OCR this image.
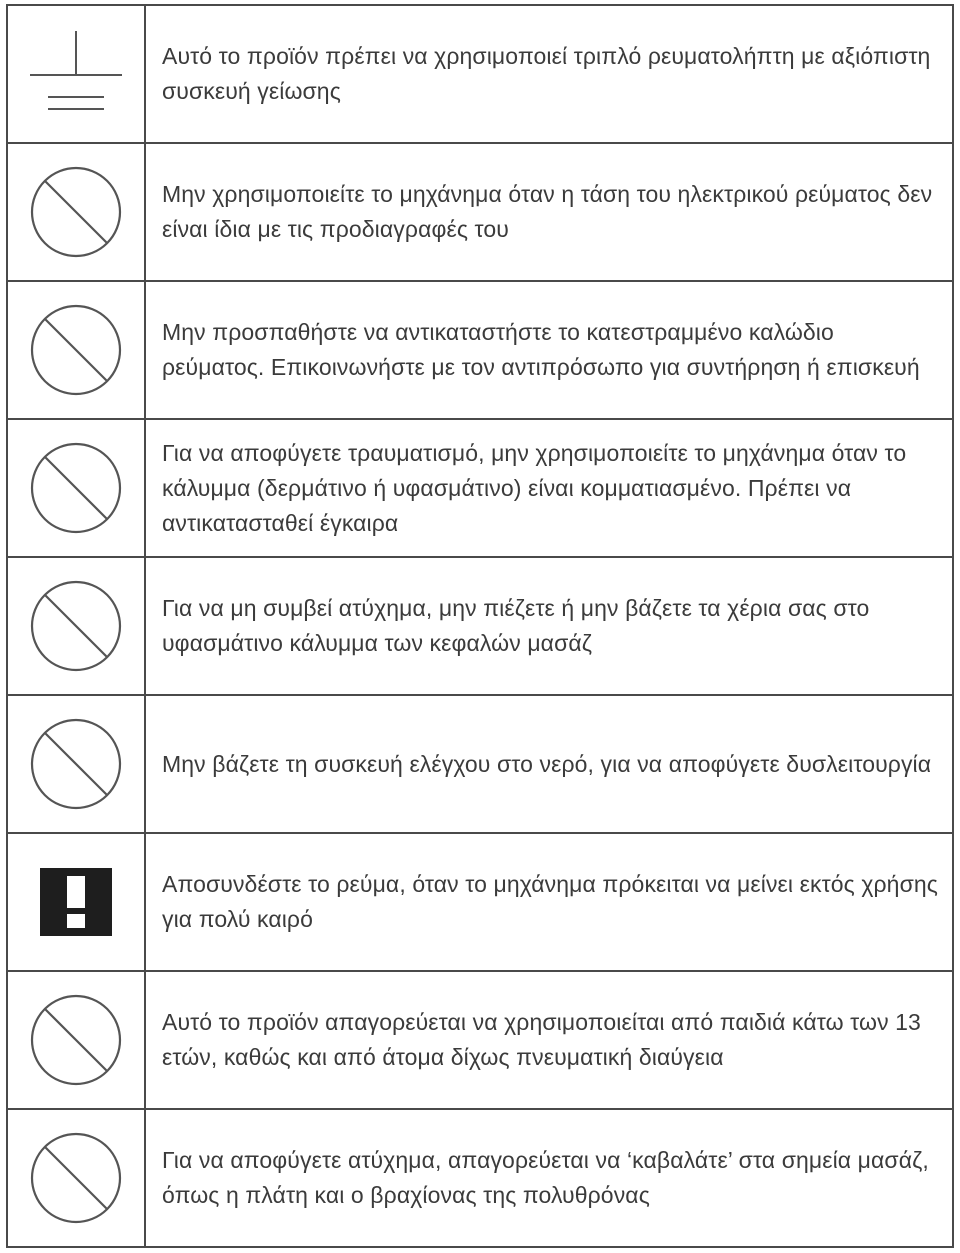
Αυτό το προϊόν πρέπει να χρησιμοποιεί τριπλό ρευματολήπτη με αξιόπιστη συσκευή γείωσης
Μην χρησιμοποιείτε το μηχάνημα όταν η τάση του ηλεκτρικού ρεύματος δεν είναι ίδια με τις προδιαγραφές του
Μην προσπαθήστε να αντικαταστήστε το κατεστραμμένο καλώδιο ρεύματος. Επικοινωνήστε με τον αντιπρόσωπο για συντήρηση ή επισκευή
Για να αποφύγετε τραυματισμό, μην χρησιμοποιείτε το μηχάνημα όταν το κάλυμμα (δερμάτινο ή υφασμάτινο) είναι κομματιασμένο. Πρέπει να αντικατασταθεί έγκαιρα
Για να μη συμβεί ατύχημα, μην πιέζετε ή μην βάζετε τα χέρια σας στο υφασμάτινο κάλυμμα των κεφαλών μασάζ
Μην βάζετε τη συσκευή ελέγχου στο νερό, για να αποφύγετε δυσλειτουργία
Αποσυνδέστε το ρεύμα, όταν το μηχάνημα πρόκειται να μείνει εκτός χρήσης για πολύ καιρό
Αυτό το προϊόν απαγορεύεται να χρησιμοποιείται από παιδιά κάτω των 13 ετών, καθώς και από άτομα δίχως πνευματική διαύγεια
Για να αποφύγετε ατύχημα, απαγορεύεται να ‘καβαλάτε’ στα σημεία μασάζ, όπως η πλάτη και ο βραχίονας της πολυθρόνας
